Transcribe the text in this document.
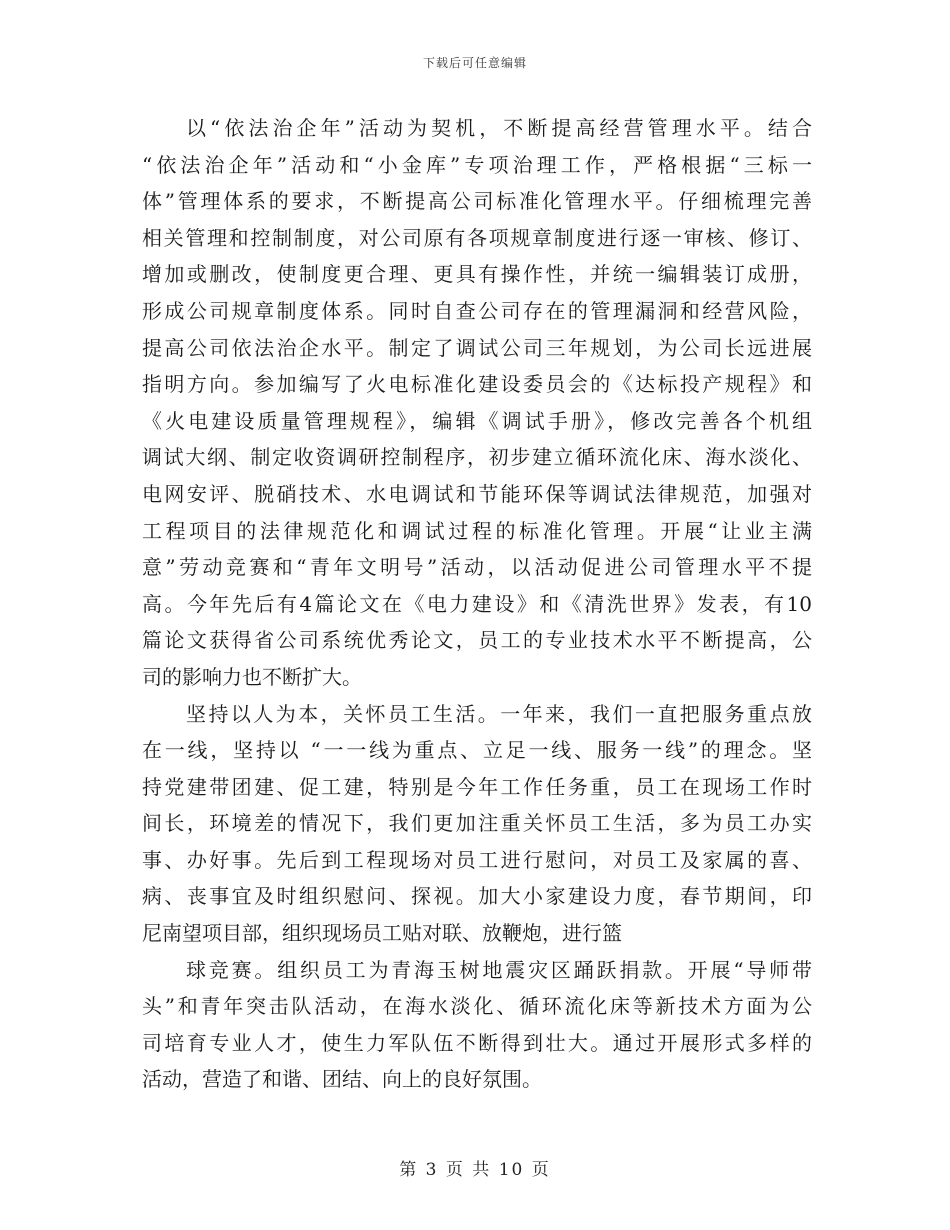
下载后可任意编辑
以“依法治企年”活动为契机，不断提高经营管理水平。结合
“依法治企年”活动和“小金库”专项治理工作，严格根据“三标一
体”管理体系的要求，不断提高公司标准化管理水平。仔细梳理完善
相关管理和控制制度，对公司原有各项规章制度进行逐一审核、修订、
增加或删改，使制度更合理、更具有操作性，并统一编辑装订成册，
形成公司规章制度体系。同时自查公司存在的管理漏洞和经营风险，
提高公司依法治企水平。制定了调试公司三年规划，为公司长远进展
指明方向。参加编写了火电标准化建设委员会的《达标投产规程》和
《火电建设质量管理规程》，编辑《调试手册》，修改完善各个机组
调试大纲、制定收资调研控制程序，初步建立循环流化床、海水淡化、
电网安评、脱硝技术、水电调试和节能环保等调试法律规范，加强对
工程项目的法律规范化和调试过程的标准化管理。开展“让业主满
意”劳动竞赛和“青年文明号”活动，以活动促进公司管理水平不提
高。今年先后有4篇论文在《电力建设》和《清洗世界》发表，有10
篇论文获得省公司系统优秀论文，员工的专业技术水平不断提高，公
司的影响力也不断扩大。
坚持以人为本，关怀员工生活。一年来，我们一直把服务重点放
在一线，坚持以 “一一线为重点、立足一线、服务一线”的理念。坚
持党建带团建、促工建，特别是今年工作任务重，员工在现场工作时
间长，环境差的情况下，我们更加注重关怀员工生活，多为员工办实
事、办好事。先后到工程现场对员工进行慰问，对员工及家属的喜、
病、丧事宜及时组织慰问、探视。加大小家建设力度，春节期间，印
尼南望项目部，组织现场员工贴对联、放鞭炮，进行篮
球竞赛。组织员工为青海玉树地震灾区踊跃捐款。开展“导师带
头”和青年突击队活动，在海水淡化、循环流化床等新技术方面为公
司培育专业人才，使生力军队伍不断得到壮大。通过开展形式多样的
活动，营造了和谐、团结、向上的良好氛围。
第 3 页 共 10 页
